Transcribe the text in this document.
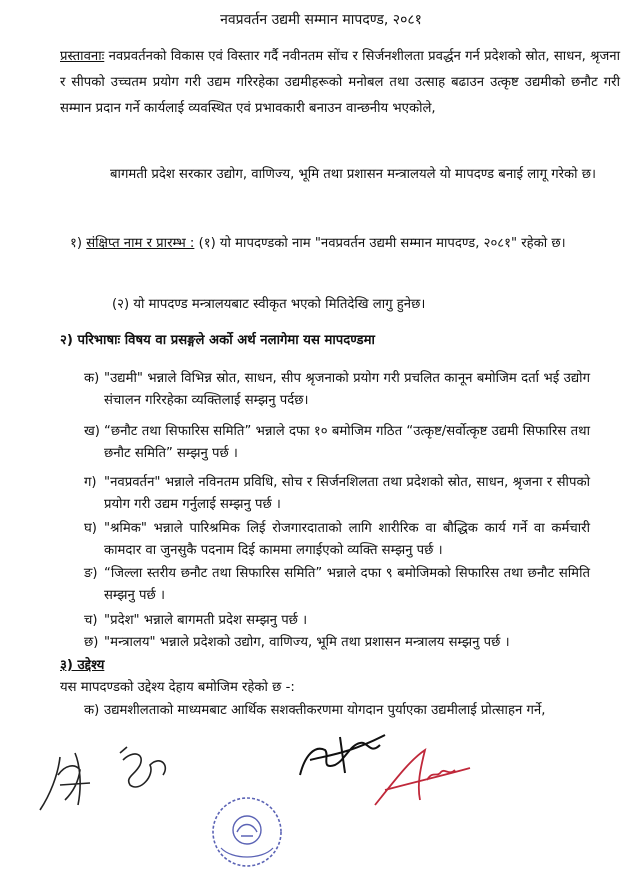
नवप्रवर्तन उद्यमी सम्मान मापदण्ड, २०८१
प्रस्तावनाः नवप्रवर्तनको विकास एवं विस्तार गर्दै नवीनतम सोंच र सिर्जनशीलता प्रवर्द्धन गर्न प्रदेशको स्रोत, साधन, श्रृजना र सीपको उच्चतम प्रयोग गरी उद्यम गरिरहेका उद्यमीहरूको मनोबल तथा उत्साह बढाउन उत्कृष्ट उद्यमीको छनौट गरी सम्मान प्रदान गर्ने कार्यलाई व्यवस्थित एवं प्रभावकारी बनाउन वान्छनीय भएकोले,
बागमती प्रदेश सरकार उद्योग, वाणिज्य, भूमि तथा प्रशासन मन्त्रालयले यो मापदण्ड बनाई लागू गरेको छ।
१) संक्षिप्त नाम र प्रारम्भ : (१) यो मापदण्डको नाम "नवप्रवर्तन उद्यमी सम्मान मापदण्ड, २०८१" रहेको छ।
(२) यो मापदण्ड मन्त्रालयबाट स्वीकृत भएको मितिदेखि लागु हुनेछ।
२) परिभाषाः विषय वा प्रसङ्गले अर्को अर्थ नलागेमा यस मापदण्डमा
क) "उद्यमी" भन्नाले विभिन्न स्रोत, साधन, सीप श्रृजनाको प्रयोग गरी प्रचलित कानून बमोजिम दर्ता भई उद्योग संचालन गरिरहेका व्यक्तिलाई सम्झनु पर्दछ।
ख) “छनौट तथा सिफारिस समिति” भन्नाले दफा १० बमोजिम गठित “उत्कृष्ट/सर्वोत्कृष्ट उद्यमी सिफारिस तथा छनौट समिति” सम्झनु पर्छ ।
ग) "नवप्रवर्तन" भन्नाले नविनतम प्रविधि, सोच र सिर्जनशिलता तथा प्रदेशको स्रोत, साधन, श्रृजना र सीपको प्रयोग गरी उद्यम गर्नुलाई सम्झनु पर्छ ।
घ) "श्रमिक" भन्नाले पारिश्रमिक लिई रोजगारदाताको लागि शारीरिक वा बौद्धिक कार्य गर्ने वा कर्मचारी कामदार वा जुनसुकै पदनाम दिई काममा लगाईएको व्यक्ति सम्झनु पर्छ ।
ङ) “जिल्ला स्तरीय छनौट तथा सिफारिस समिति” भन्नाले दफा ९ बमोजिमको सिफारिस तथा छनौट समिति सम्झनु पर्छ ।
च) "प्रदेश" भन्नाले बागमती प्रदेश सम्झनु पर्छ ।
छ) "मन्त्रालय" भन्नाले प्रदेशको उद्योग, वाणिज्य, भूमि तथा प्रशासन मन्त्रालय सम्झनु पर्छ ।
३) उद्देश्य
यस मापदण्डको उद्देश्य देहाय बमोजिम रहेको छ -:
क) उद्यमशीलताको माध्यमबाट आर्थिक सशक्तीकरणमा योगदान पुर्याएका उद्यमीलाई प्रोत्साहन गर्ने,
